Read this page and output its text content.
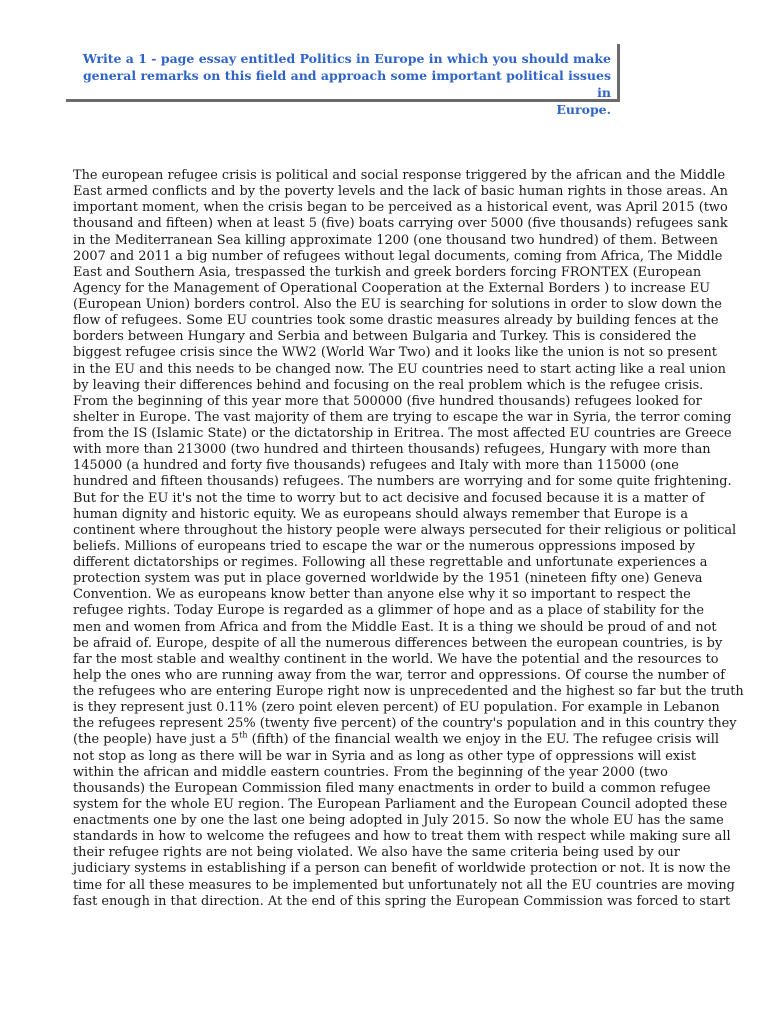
Write a 1 - page essay entitled Politics in Europe in which you should make
general remarks on this field and approach some important political issues in
Europe.

The european refugee crisis is political and social response triggered by the african and the Middle
East armed conflicts and by the poverty levels and the lack of basic human rights in those areas. An
important moment, when the crisis began to be perceived as a historical event, was April 2015 (two
thousand and fifteen) when at least 5 (five) boats carrying over 5000 (five thousands) refugees sank
in the Mediterranean Sea killing approximate 1200 (one thousand two hundred) of them. Between
2007 and 2011 a big number of refugees without legal documents, coming from Africa, The Middle
East and Southern Asia, trespassed the turkish and greek borders forcing FRONTEX (European
Agency for the Management of Operational Cooperation at the External Borders ) to increase EU
(European Union) borders control. Also the EU is searching for solutions in order to slow down the
flow of refugees. Some EU countries took some drastic measures already by building fences at the
borders between Hungary and Serbia and between Bulgaria and Turkey. This is considered the
biggest refugee crisis since the WW2 (World War Two) and it looks like the union is not so present
in the EU and this needs to be changed now. The EU countries need to start acting like a real union
by leaving their differences behind and focusing on the real problem which is the refugee crisis.
From the beginning of this year more that 500000 (five hundred thousands) refugees looked for
shelter in Europe. The vast majority of them are trying to escape the war in Syria, the terror coming
from the IS (Islamic State) or the dictatorship in Eritrea. The most affected EU countries are Greece
with more than 213000 (two hundred and thirteen thousands) refugees, Hungary with more than
145000 (a hundred and forty five thousands) refugees and Italy with more than 115000 (one
hundred and fifteen thousands) refugees. The numbers are worrying and for some quite frightening.
But for the EU it's not the time to worry but to act decisive and focused because it is a matter of
human dignity and historic equity. We as europeans should always remember that Europe is a
continent where throughout the history people were always persecuted for their religious or political
beliefs. Millions of europeans tried to escape the war or the numerous oppressions imposed by
different dictatorships or regimes. Following all these regrettable and unfortunate experiences a
protection system was put in place governed worldwide by the 1951 (nineteen fifty one) Geneva
Convention. We as europeans know better than anyone else why it so important to respect the
refugee rights. Today Europe is regarded as a glimmer of hope and as a place of stability for the
men and women from Africa and from the Middle East. It is a thing we should be proud of and not
be afraid of. Europe, despite of all the numerous differences between the european countries, is by
far the most stable and wealthy continent in the world. We have the potential and the resources to
help the ones who are running away from the war, terror and oppressions. Of course the number of
the refugees who are entering Europe right now is unprecedented and the highest so far but the truth
is they represent just 0.11% (zero point eleven percent) of EU population. For example in Lebanon
the refugees represent 25% (twenty five percent) of the country's population and in this country they
(the people) have just a 5th (fifth) of the financial wealth we enjoy in the EU. The refugee crisis will
not stop as long as there will be war in Syria and as long as other type of oppressions will exist
within the african and middle eastern countries. From the beginning of the year 2000 (two
thousands) the European Commission filed many enactments in order to build a common refugee
system for the whole EU region. The European Parliament and the European Council adopted these
enactments one by one the last one being adopted in July 2015. So now the whole EU has the same
standards in how to welcome the refugees and how to treat them with respect while making sure all
their refugee rights are not being violated. We also have the same criteria being used by our
judiciary systems in establishing if a person can benefit of worldwide protection or not. It is now the
time for all these measures to be implemented but unfortunately not all the EU countries are moving
fast enough in that direction. At the end of this spring the European Commission was forced to start
